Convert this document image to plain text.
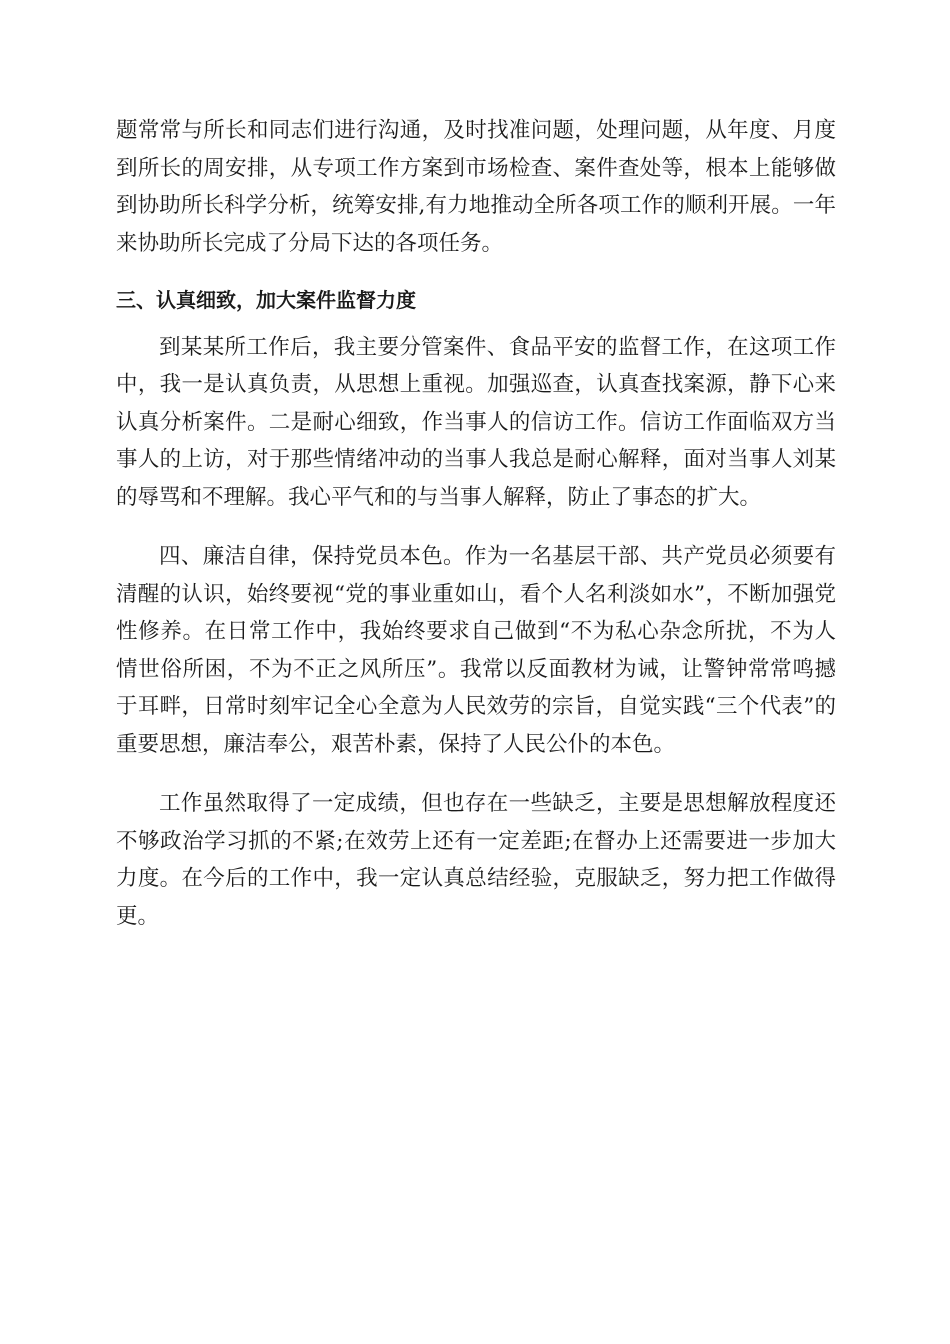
题常常与所长和同志们进行沟通，及时找准问题，处理问题，从年度、月度到所长的周安排，从专项工作方案到市场检查、案件查处等，根本上能够做到协助所长科学分析，统筹安排,有力地推动全所各项工作的顺利开展。一年来协助所长完成了分局下达的各项任务。

三、认真细致，加大案件监督力度

到某某所工作后，我主要分管案件、食品平安的监督工作，在这项工作中，我一是认真负责，从思想上重视。加强巡查，认真查找案源，静下心来认真分析案件。二是耐心细致，作当事人的信访工作。信访工作面临双方当事人的上访，对于那些情绪冲动的当事人我总是耐心解释，面对当事人刘某的辱骂和不理解。我心平气和的与当事人解释，防止了事态的扩大。

四、廉洁自律，保持党员本色。作为一名基层干部、共产党员必须要有清醒的认识，始终要视“党的事业重如山，看个人名利淡如水”，不断加强党性修养。在日常工作中，我始终要求自己做到“不为私心杂念所扰，不为人情世俗所困，不为不正之风所压”。我常以反面教材为诫，让警钟常常鸣撼于耳畔，日常时刻牢记全心全意为人民效劳的宗旨，自觉实践“三个代表”的重要思想，廉洁奉公，艰苦朴素，保持了人民公仆的本色。

工作虽然取得了一定成绩，但也存在一些缺乏，主要是思想解放程度还不够政治学习抓的不紧;在效劳上还有一定差距;在督办上还需要进一步加大力度。在今后的工作中，我一定认真总结经验，克服缺乏，努力把工作做得更。
